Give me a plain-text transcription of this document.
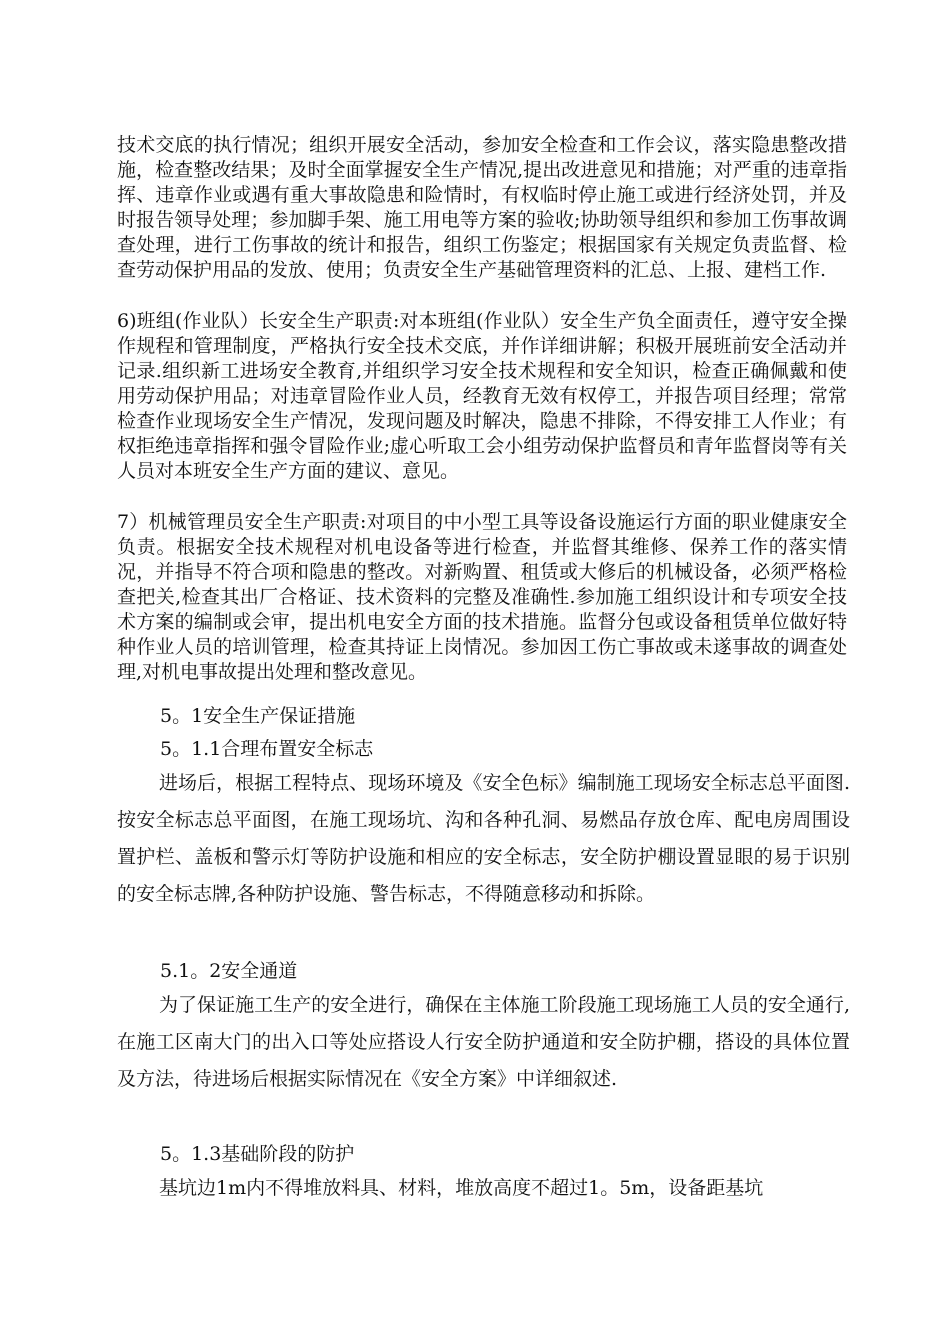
技术交底的执行情况；组织开展安全活动，参加安全检查和工作会议，落实隐患整改措施，检查整改结果；及时全面掌握安全生产情况,提出改进意见和措施；对严重的违章指挥、违章作业或遇有重大事故隐患和险情时，有权临时停止施工或进行经济处罚，并及时报告领导处理；参加脚手架、施工用电等方案的验收;协助领导组织和参加工伤事故调查处理，进行工伤事故的统计和报告，组织工伤鉴定；根据国家有关规定负责监督、检查劳动保护用品的发放、使用；负责安全生产基础管理资料的汇总、上报、建档工作.

6)班组(作业队）长安全生产职责:对本班组(作业队）安全生产负全面责任，遵守安全操作规程和管理制度，严格执行安全技术交底，并作详细讲解；积极开展班前安全活动并记录.组织新工进场安全教育,并组织学习安全技术规程和安全知识，检查正确佩戴和使用劳动保护用品；对违章冒险作业人员，经教育无效有权停工，并报告项目经理；常常检查作业现场安全生产情况，发现问题及时解决，隐患不排除，不得安排工人作业；有权拒绝违章指挥和强令冒险作业;虚心听取工会小组劳动保护监督员和青年监督岗等有关人员对本班安全生产方面的建议、意见。

7）机械管理员安全生产职责:对项目的中小型工具等设备设施运行方面的职业健康安全负责。根据安全技术规程对机电设备等进行检查，并监督其维修、保养工作的落实情况，并指导不符合项和隐患的整改。对新购置、租赁或大修后的机械设备，必须严格检查把关,检查其出厂合格证、技术资料的完整及准确性.参加施工组织设计和专项安全技术方案的编制或会审，提出机电安全方面的技术措施。监督分包或设备租赁单位做好特种作业人员的培训管理，检查其持证上岗情况。参加因工伤亡事故或未遂事故的调查处理,对机电事故提出处理和整改意见。

5。1安全生产保证措施

5。1.1合理布置安全标志

进场后，根据工程特点、现场环境及《安全色标》编制施工现场安全标志总平面图.按安全标志总平面图，在施工现场坑、沟和各种孔洞、易燃品存放仓库、配电房周围设置护栏、盖板和警示灯等防护设施和相应的安全标志，安全防护棚设置显眼的易于识别的安全标志牌,各种防护设施、警告标志，不得随意移动和拆除。

5.1。2安全通道

为了保证施工生产的安全进行，确保在主体施工阶段施工现场施工人员的安全通行,在施工区南大门的出入口等处应搭设人行安全防护通道和安全防护棚，搭设的具体位置及方法，待进场后根据实际情况在《安全方案》中详细叙述.

5。1.3基础阶段的防护

基坑边1m内不得堆放料具、材料，堆放高度不超过1。5m，设备距基坑
